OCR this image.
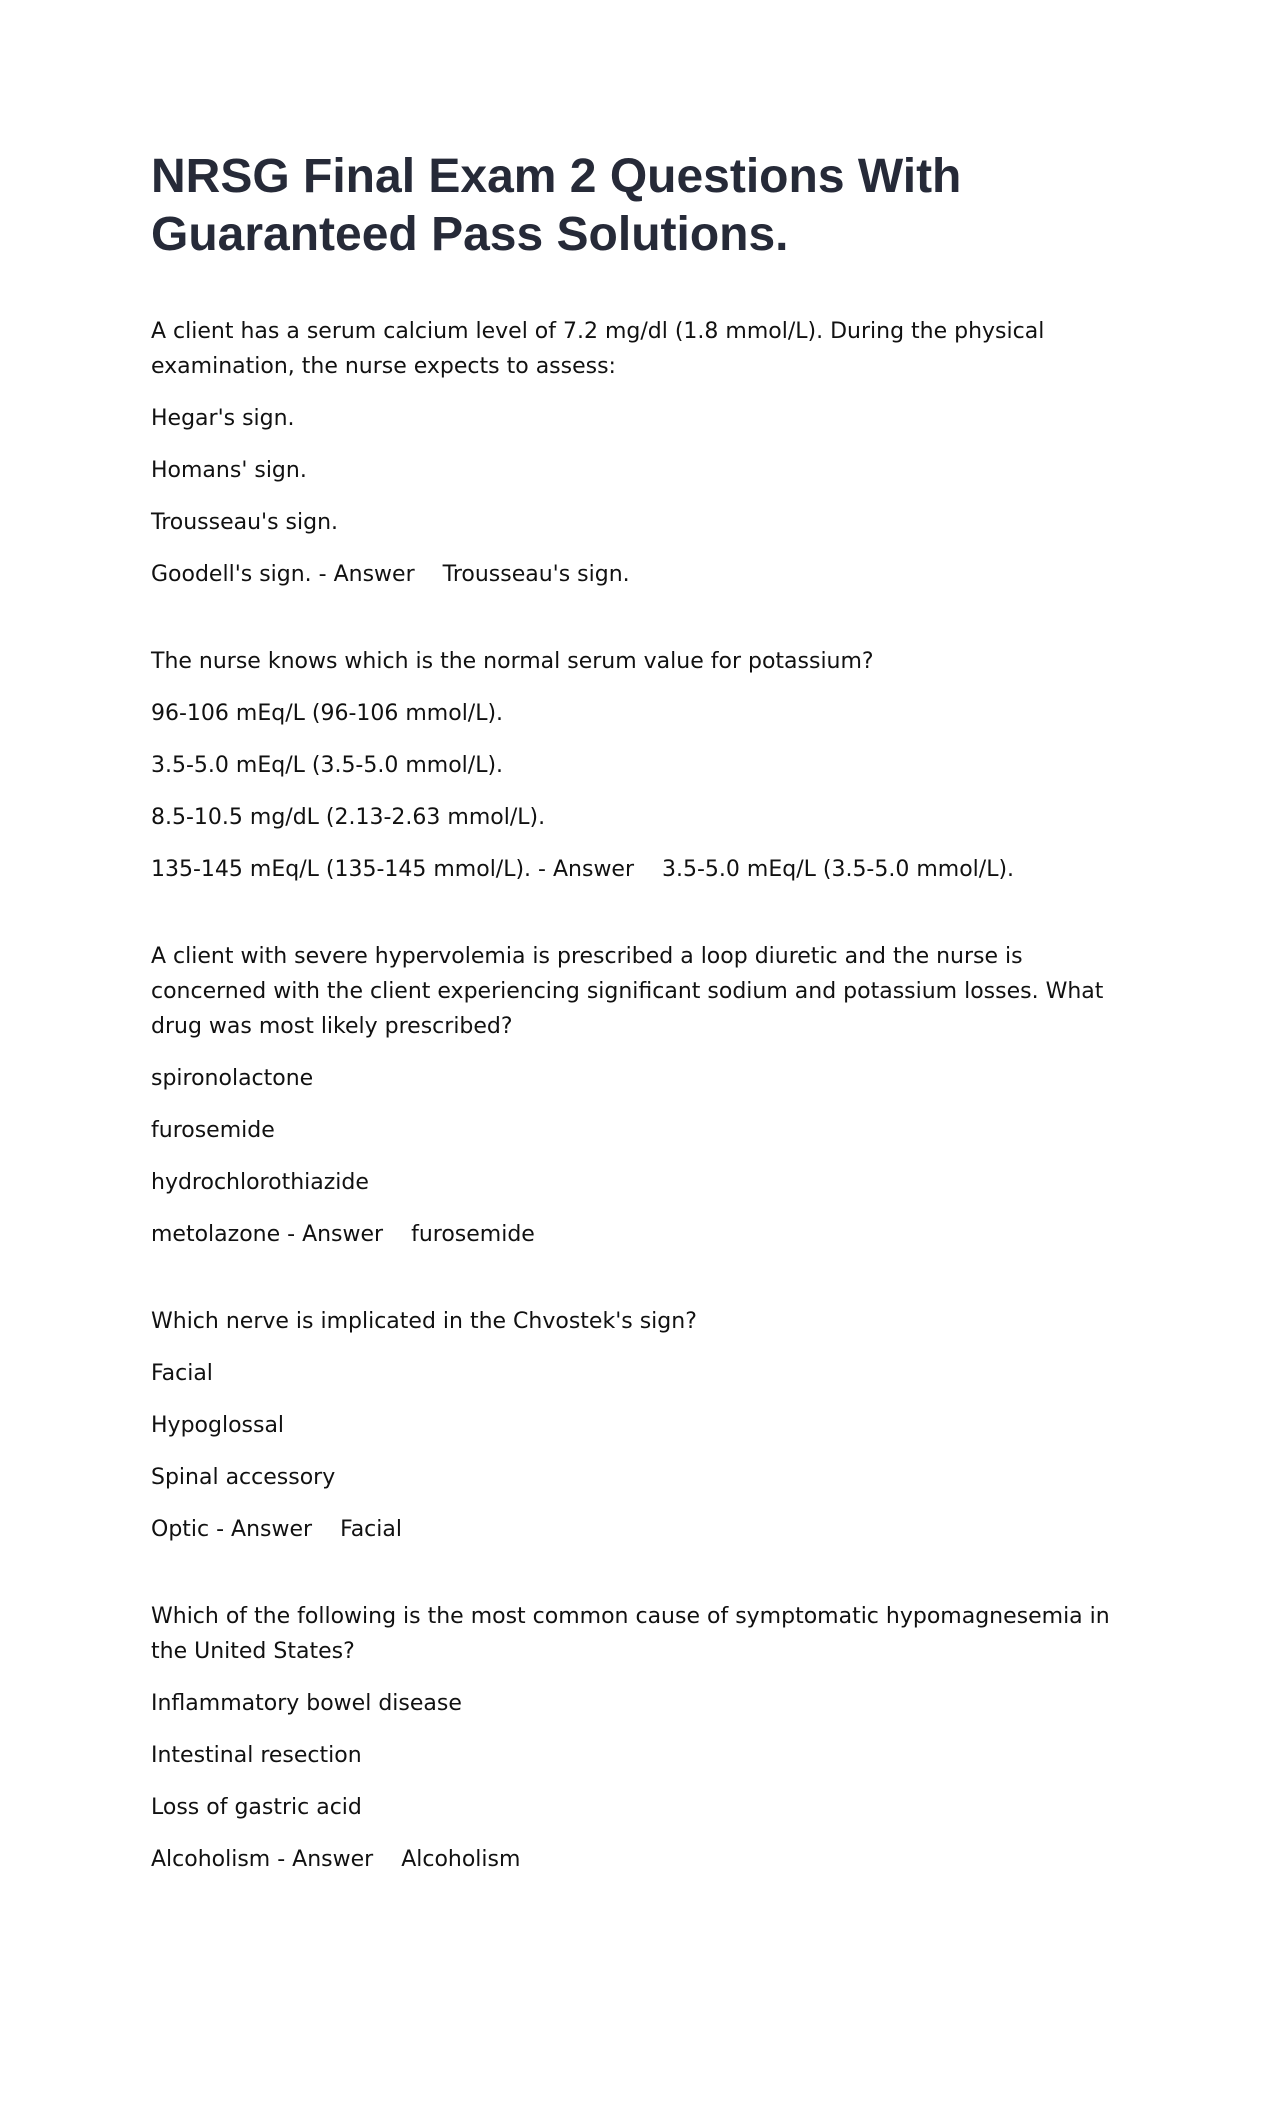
NRSG Final Exam 2 Questions With Guaranteed Pass Solutions.

A client has a serum calcium level of 7.2 mg/dl (1.8 mmol/L). During the physical examination, the nurse expects to assess:

Hegar's sign.

Homans' sign.

Trousseau's sign.

Goodell's sign. - Answer Trousseau's sign.

The nurse knows which is the normal serum value for potassium?

96-106 mEq/L (96-106 mmol/L).

3.5-5.0 mEq/L (3.5-5.0 mmol/L).

8.5-10.5 mg/dL (2.13-2.63 mmol/L).

135-145 mEq/L (135-145 mmol/L). - Answer 3.5-5.0 mEq/L (3.5-5.0 mmol/L).

A client with severe hypervolemia is prescribed a loop diuretic and the nurse is concerned with the client experiencing significant sodium and potassium losses. What drug was most likely prescribed?

spironolactone

furosemide

hydrochlorothiazide

metolazone - Answer furosemide

Which nerve is implicated in the Chvostek's sign?

Facial

Hypoglossal

Spinal accessory

Optic - Answer Facial

Which of the following is the most common cause of symptomatic hypomagnesemia in the United States?

Inflammatory bowel disease

Intestinal resection

Loss of gastric acid

Alcoholism - Answer Alcoholism
